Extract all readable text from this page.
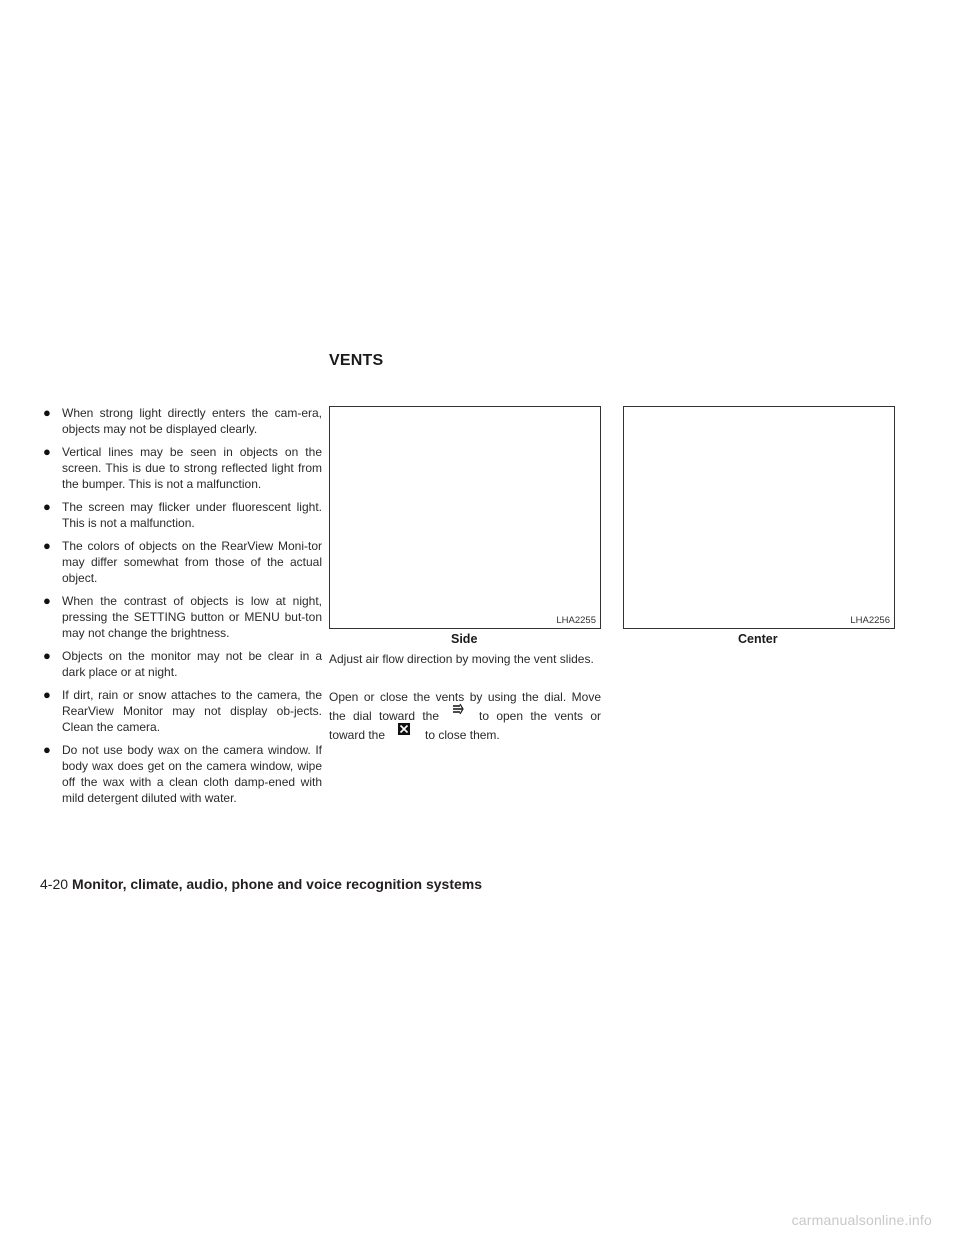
VENTS
● When strong light directly enters the cam-era, objects may not be displayed clearly.
● Vertical lines may be seen in objects on the screen. This is due to strong reflected light from the bumper. This is not a malfunction.
● The screen may flicker under fluorescent light. This is not a malfunction.
● The colors of objects on the RearView Moni-tor may differ somewhat from those of the actual object.
● When the contrast of objects is low at night, pressing the SETTING button or MENU but-ton may not change the brightness.
● Objects on the monitor may not be clear in a dark place or at night.
● If dirt, rain or snow attaches to the camera, the RearView Monitor may not display ob-jects. Clean the camera.
● Do not use body wax on the camera window. If body wax does get on the camera window, wipe off the wax with a clean cloth damp-ened with mild detergent diluted with water.
LHA2255
Side
LHA2256
Center

Adjust air flow direction by moving the vent slides.

Open or close the vents by using the dial. Move the dial toward the	to open the vents or toward the	to close them.

4-20 Monitor, climate, audio, phone and voice recognition systems
carmanualsonline.info
